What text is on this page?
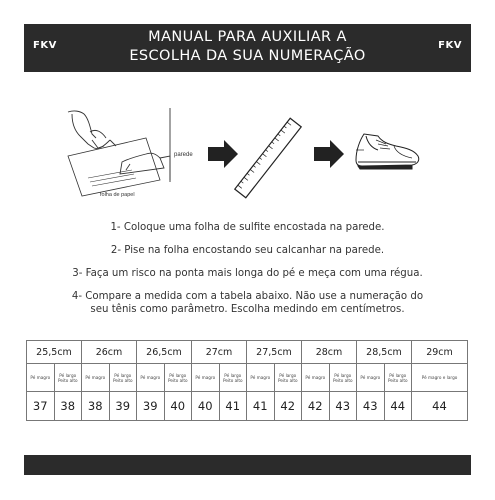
FKV
MANUAL PARA AUXILIAR A
ESCOLHA DA SUA NUMERAÇÃO
FKV
parede
folha de papel

1- Coloque uma folha de sulfite encostada na parede.

2- Pise na folha encostando seu calcanhar na parede.

3- Faça um risco na ponta mais longa do pé e meça com uma régua.

4- Compare a medida com a tabela abaixo. Não use a numeração do

seu tênis como parâmetro. Escolha medindo em centímetros.

25,5cm		26cm		26,5cm		27cm		27,5cm		28cm		28,5cm		29cm
Pé magro	Pé largo Peito alto	Pé magro	Pé largo Peito alto	Pé magro	Pé largo Peito alto	Pé magro	Pé largo Peito alto	Pé magro	Pé largo Peito alto	Pé magro	Pé largo Peito alto	Pé magro	Pé largo Peito alto	Pé magro e largo
37	38	38	39	39	40	40	41	41	42	42	43	43	44	44
